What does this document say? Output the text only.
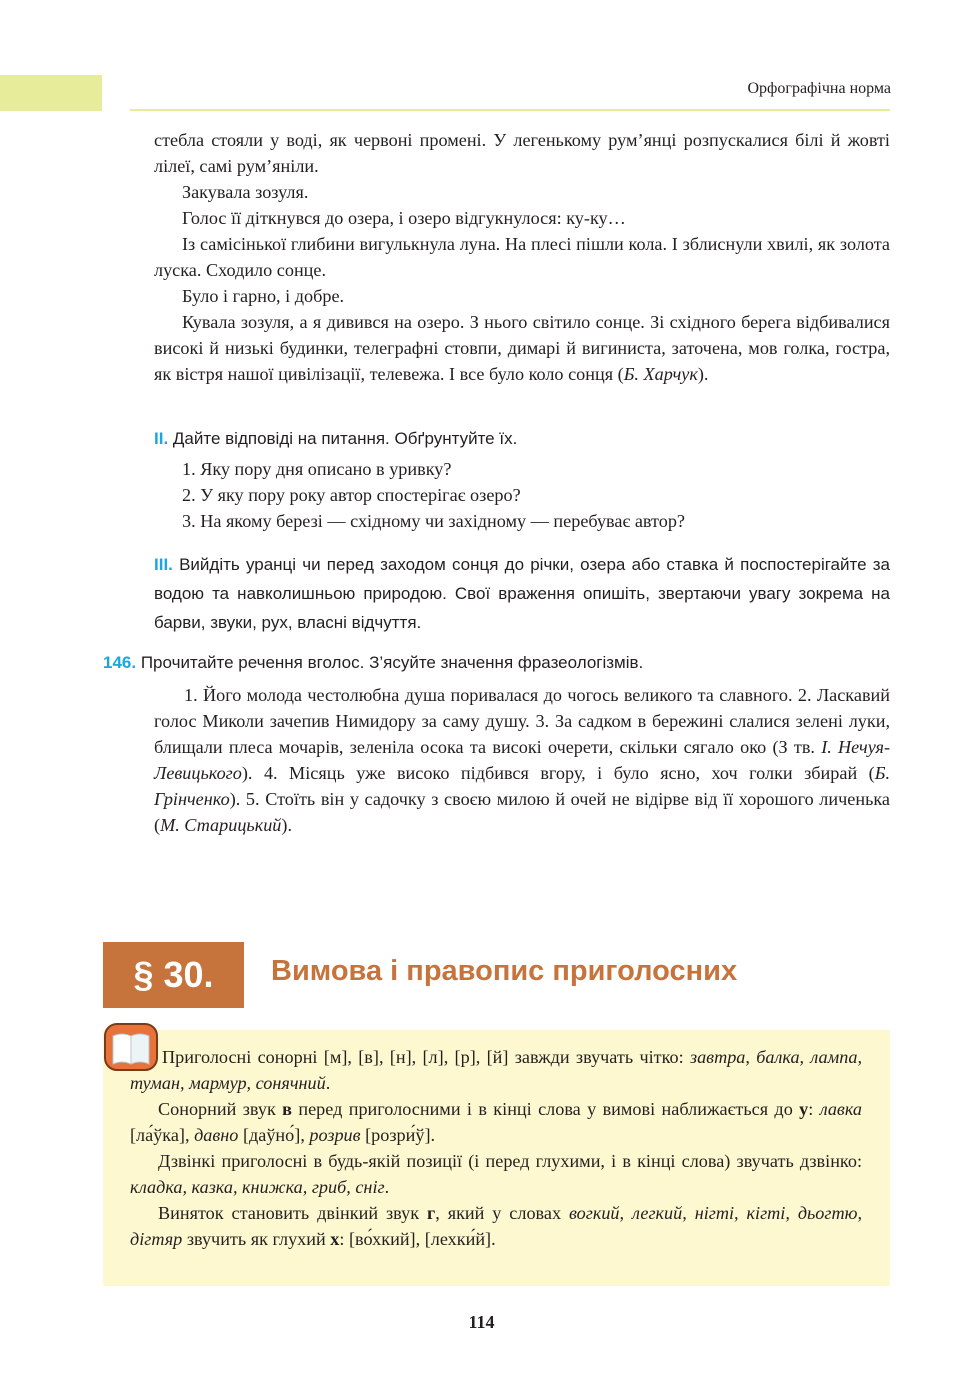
Орфографічна норма

стебла стояли у воді, як червоні промені. У легенькому рум’янці розпускалися білі й жовті лілеї, самі рум’яніли.

Закувала зозуля.

Голос її діткнувся до озера, і озеро відгукнулося: ку-ку…

Із самісінької глибини вигулькнула луна. На плесі пішли кола. І зблиснули хвилі, як золота луска. Сходило сонце.

Було і гарно, і добре.

Кувала зозуля, а я дивився на озеро. З нього світило сонце. Зі східного берега відбивалися високі й низькі будинки, телеграфні стовпи, димарі й вигиниста, заточена, мов голка, гостра, як вістря нашої цивілізації, телевежа. І все було коло сонця (Б. Харчук).

II. Дайте відповіді на питання. Обґрунтуйте їх.

1. Яку пору дня описано в уривку?

2. У яку пору року автор спостерігає озеро?

3. На якому березі — східному чи західному — перебуває автор?

III. Вийдіть уранці чи перед заходом сонця до річки, озера або ставка й поспостерігайте за водою та навколишньою природою. Свої враження опишіть, звертаючи увагу зокрема на барви, звуки, рух, власні відчуття.

146. Прочитайте речення вголос. З’ясуйте значення фразеологізмів.

1. Його молода честолюбна душа поривалася до чогось великого та славного. 2. Ласкавий голос Миколи зачепив Нимидору за саму душу. 3. За садком в бережині слалися зелені луки, блищали плеса мочарів, зеленіла осока та високі очерети, скільки сягало око (З тв. І. Нечуя-Левицького). 4. Місяць уже високо підбився вгору, і було ясно, хоч голки збирай (Б. Грінченко). 5. Стоїть він у садочку з своєю милою й очей не відірве від її хорошого личенька (М. Старицький).

§ 30.	Вимова і правопис приголосних

Приголосні сонорні [м], [в], [н], [л], [р], [й] завжди звучать чітко: завтра, балка, лампа, туман, мармур, сонячний.

Сонорний звук в перед приголосними і в кінці слова у вимові наближається до у: лавка [ла́ўка], давно [даўно́], розрив [розри́ў].

Дзвінкі приголосні в будь-якій позиції (і перед глухими, і в кінці слова) звучать дзвінко: кладка, казка, книжка, гриб, сніг.

Виняток становить двінкий звук г, який у словах вогкий, легкий, нігті, кігті, дьогтю, дігтяр звучить як глухий х: [во́хкий], [лехки́й].

114
